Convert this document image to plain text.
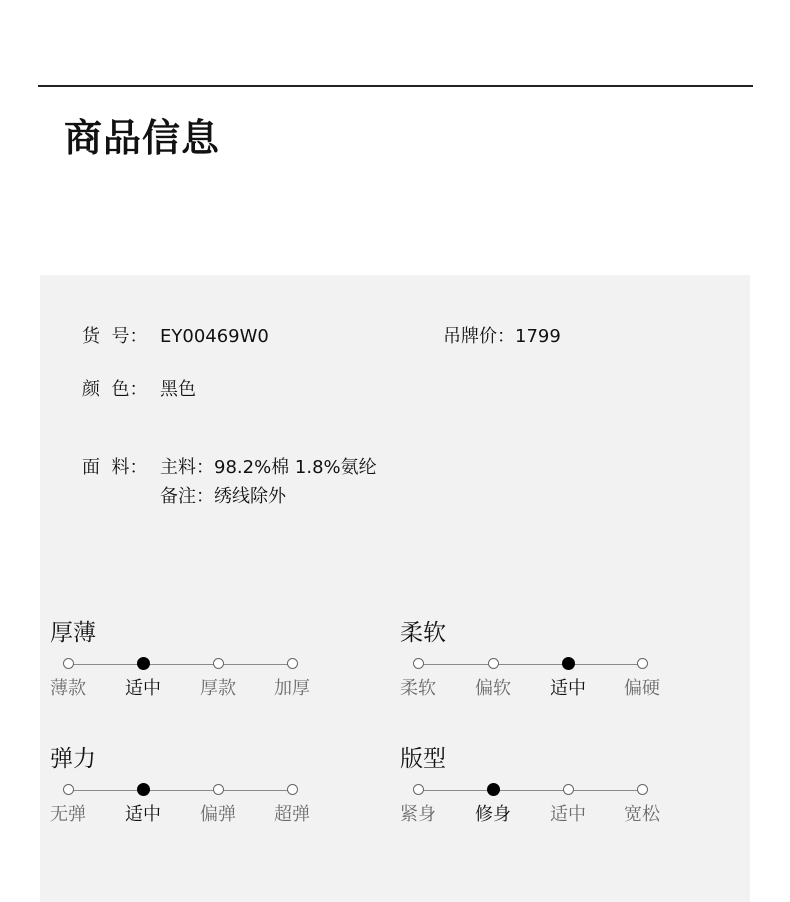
商品信息
货  号： EY00469W0	吊牌价：1799
颜  色： 黑色
面  料： 主料：98.2%棉 1.8%氨纶
备注：绣线除外
厚薄
薄款	适中	厚款	加厚
柔软
柔软	偏软	适中	偏硬
弹力
无弹	适中	偏弹	超弹
版型
紧身	修身	适中	宽松
